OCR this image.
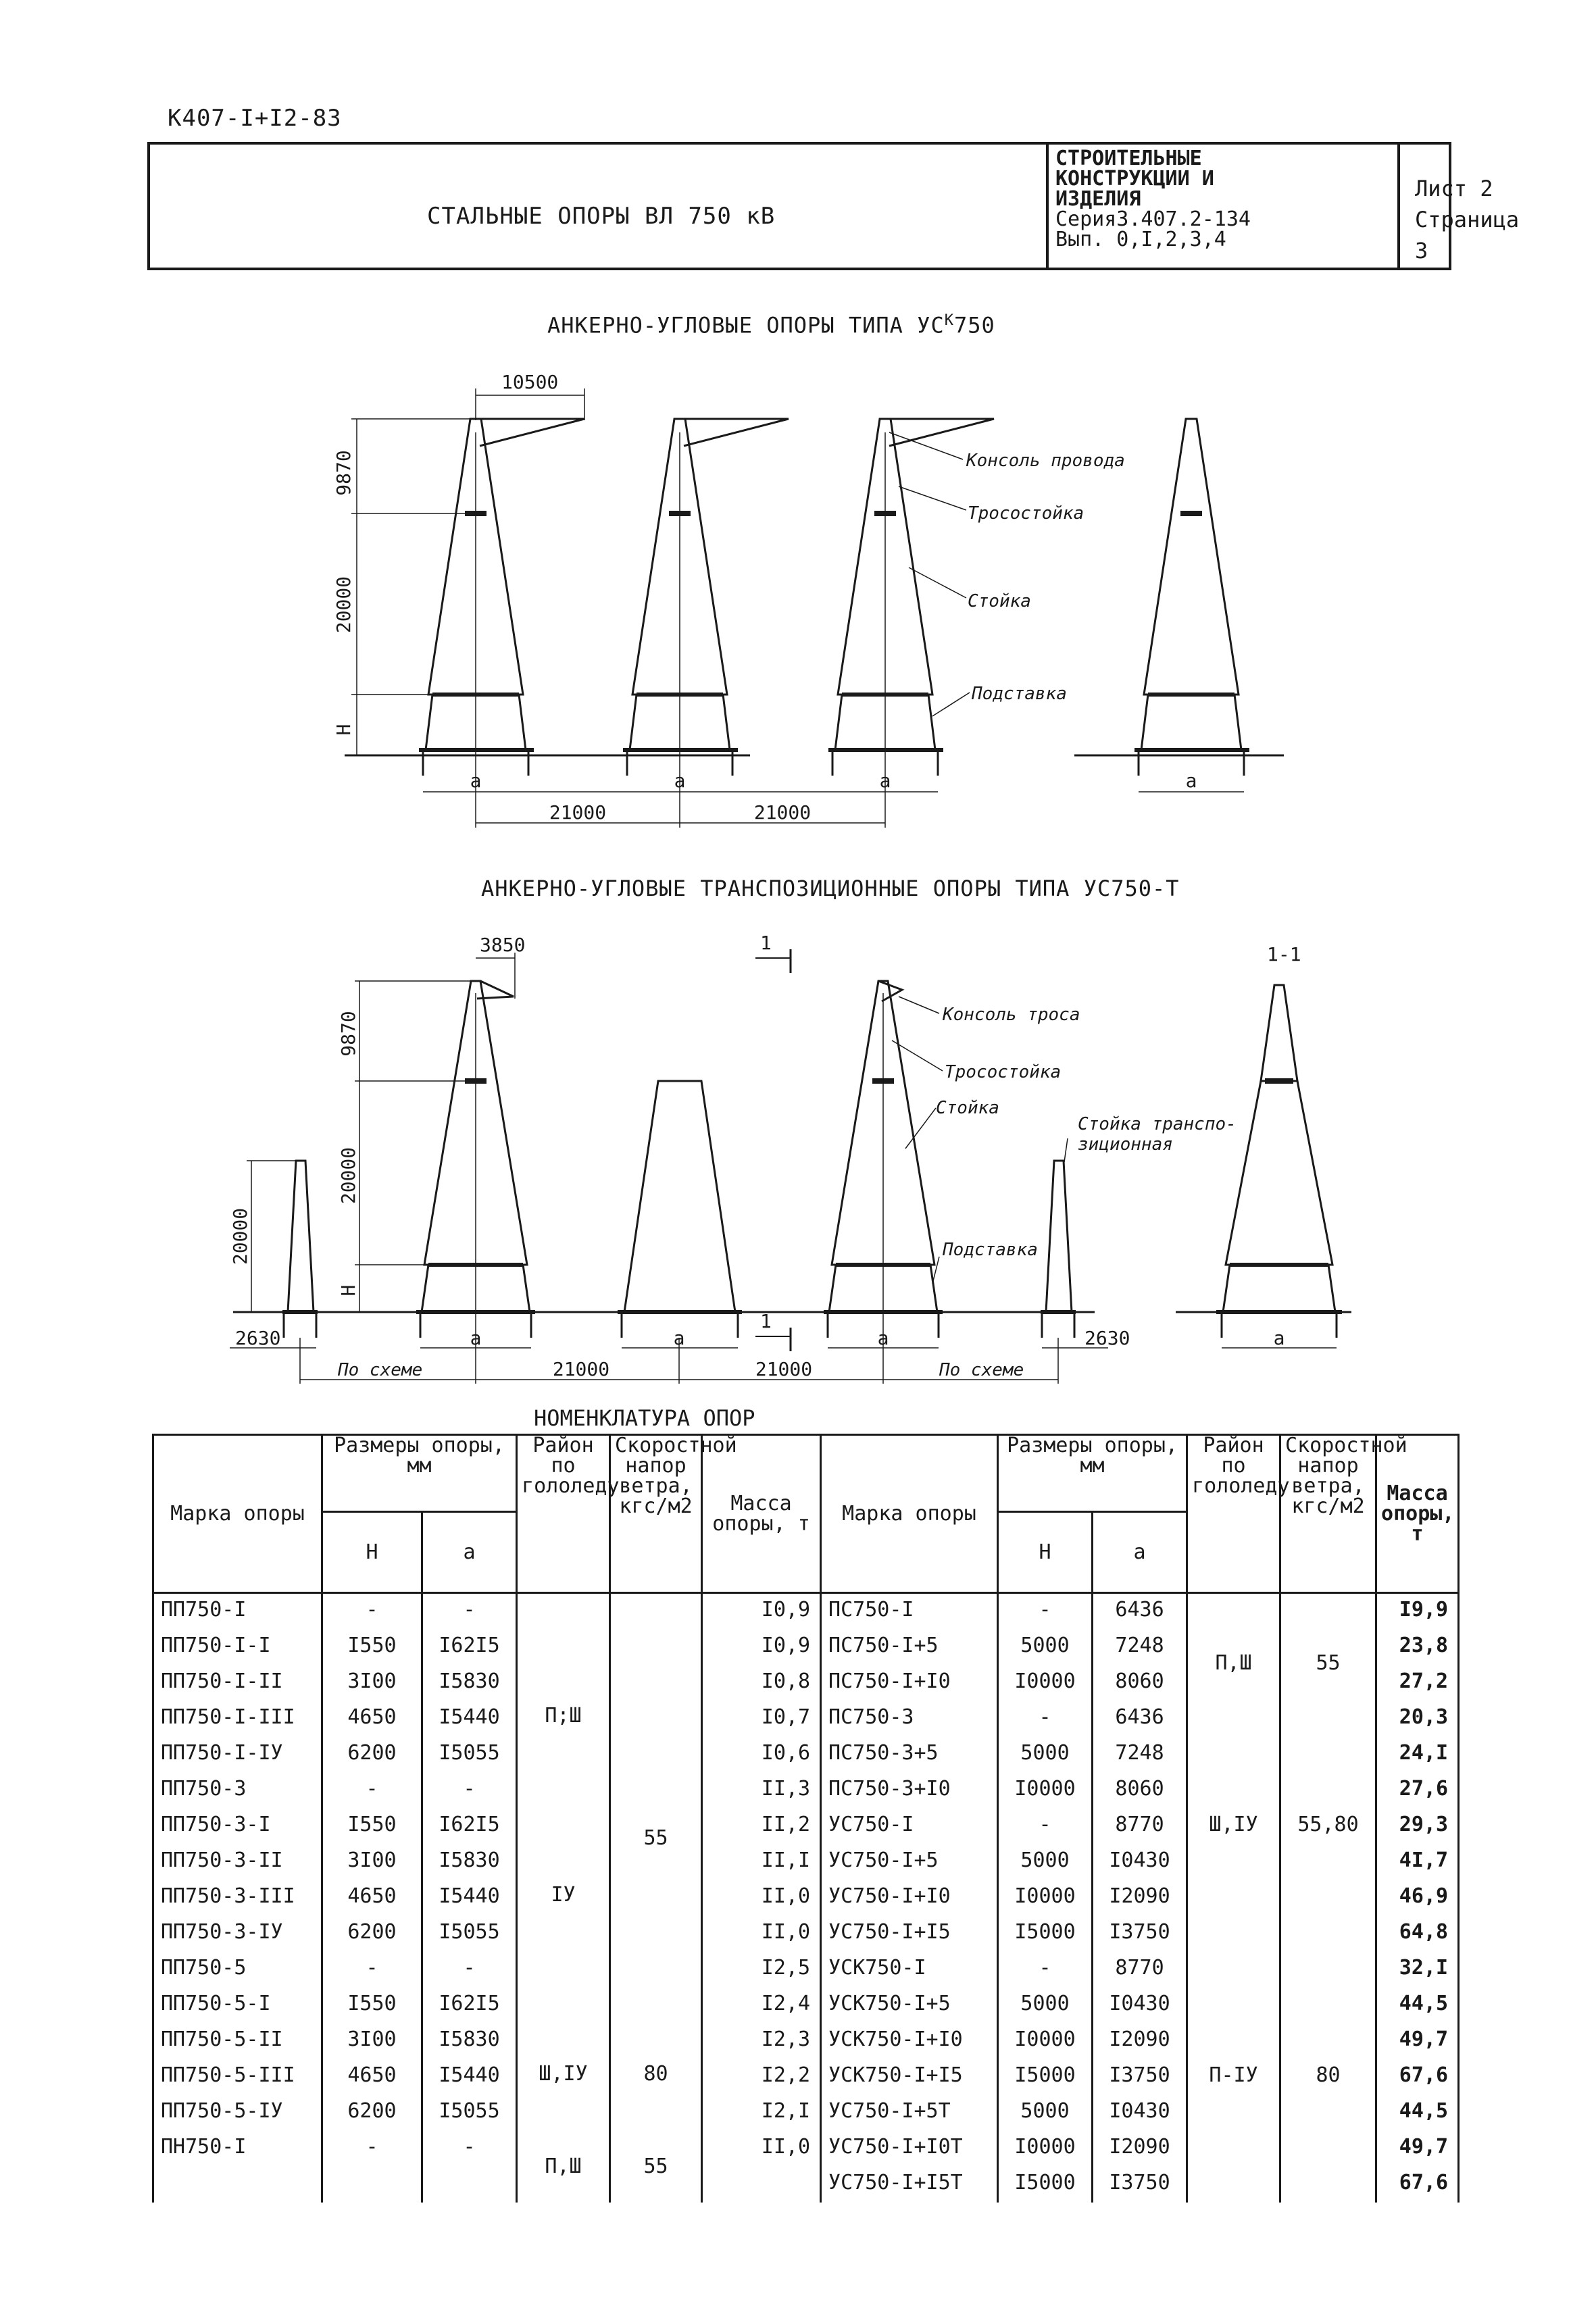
К407-I+I2-83
СТАЛЬНЫЕ ОПОРЫ ВЛ 750 кВ
СТРОИТЕЛЬНЫЕ
КОНСТРУКЦИИ И
ИЗДЕЛИЯ
Серия3.407.2-134
Вып. 0,I,2,3,4
Лист 2
Страница 3
АНКЕРНО-УГЛОВЫЕ ОПОРЫ ТИПА $УС^К750$
АНКЕРНО-УГЛОВЫЕ ТРАНСПОЗИЦИОННЫЕ ОПОРЫ ТИПА УС750-Т
10500
9870
20000
H
a	a	a	a
21000	21000
Консоль провода
Тросостойка
Стойка
Подставка
3850
9870
20000
H
20000
2630	2630
a	a	a	a
21000	21000
По схеме	По схеме
1
1
1-1
Консоль троса
Тросостойка
Стойка
Стойка транспо-
зиционная
Подставка
НОМЕНКЛАТУРА ОПОР
Марка опоры	Размеры опоры, мм		Район по гололеду	Скоростной напор ветра, кгс/м2	Масса опоры, т	Марка опоры	Размеры опоры, мм		Район по гололеду	Скоростной напор ветра, кгс/м2	Масса опоры, т
	Н	а					Н	а			
ПП750-I	-	-	П;Ш	55	I0,9	ПС750-I	-	6436	П,Ш	55	I9,9
ПП750-I-I	I550	I62I5			I0,9	ПС750-I+5	5000	7248			23,8
ПП750-I-II	3I00	I5830			I0,8	ПС750-I+I0	I0000	8060			27,2
ПП750-I-III	4650	I5440			I0,7	ПС750-3	-	6436	Ш,IУ	55,80	20,3
ПП750-I-IУ	6200	I5055			I0,6	ПС750-3+5	5000	7248			24,I
ПП750-3	-	-	IУ		II,3	ПС750-3+I0	I0000	8060			27,6
ПП750-3-I	I550	I62I5			II,2	УС750-I	-	8770			29,3
ПП750-3-II	3I00	I5830			II,I	УС750-I+5	5000	I0430			4I,7
ПП750-3-III	4650	I5440			II,0	УС750-I+I0	I0000	I2090			46,9
ПП750-3-IУ	6200	I5055			II,0	УС750-I+I5	I5000	I3750	П-IУ	80	64,8
ПП750-5	-	-	Ш,IУ	80	I2,5	УСК750-I	-	8770			32,I
ПП750-5-I	I550	I62I5			I2,4	УСК750-I+5	5000	I0430			44,5
ПП750-5-II	3I00	I5830			I2,3	УСК750-I+I0	I0000	I2090			49,7
ПП750-5-III	4650	I5440			I2,2	УСК750-I+I5	I5000	I3750			67,6
ПП750-5-IУ	6200	I5055			I2,I	УС750-I+5Т	5000	I0430			44,5
ПН750-I	-	-	П,Ш	55	II,0	УС750-I+I0Т	I0000	I2090			49,7
						УС750-I+I5Т	I5000	I3750			67,6
